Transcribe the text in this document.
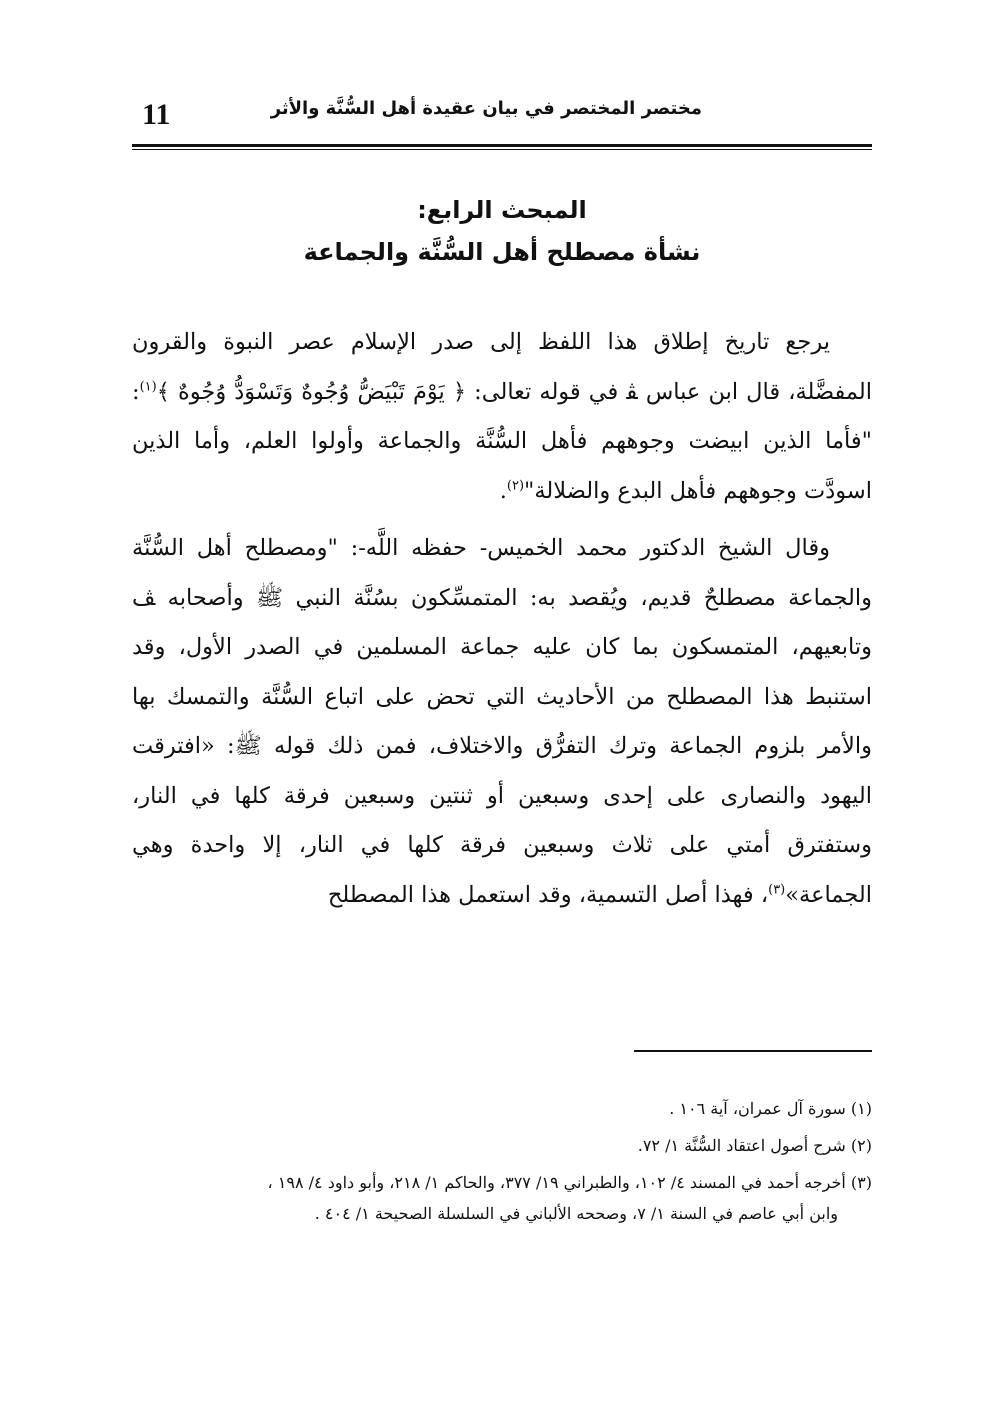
11	مختصر المختصر في بيان عقيدة أهل السُّنَّة والأثر
المبحث الرابع:
نشأة مصطلح أهل السُّنَّة والجماعة

يرجع تاريخ إطلاق هذا اللفظ إلى صدر الإسلام عصر النبوة والقرون المفضَّلة، قال ابن عباس ﭭ في قوله تعالى: ﴿ يَوْمَ تَبْيَضُّ وُجُوهٌ وَتَسْوَدُّ وُجُوهٌ ﴾$^{(١)}$: "فأما الذين ابيضت وجوههم فأهل السُّنَّة والجماعة وأولوا العلم، وأما الذين اسودَّت وجوههم فأهل البدع والضلالة"$^{(٢)}$.

وقال الشيخ الدكتور محمد الخميس- حفظه اللَّه-: "ومصطلح أهل السُّنَّة والجماعة مصطلحٌ قديم، ويُقصد به: المتمسِّكون بسُنَّة النبي ﷺ وأصحابه ﭫ وتابعيهم، المتمسكون بما كان عليه جماعة المسلمين في الصدر الأول، وقد استنبط هذا المصطلح من الأحاديث التي تحض على اتباع السُّنَّة والتمسك بها والأمر بلزوم الجماعة وترك التفرُّق والاختلاف، فمن ذلك قوله ﷺ: «افترقت اليهود والنصارى على إحدى وسبعين أو ثنتين وسبعين فرقة كلها في النار، وستفترق أمتي على ثلاث وسبعين فرقة كلها في النار، إلا واحدة وهي الجماعة»$^{(٣)}$، فهذا أصل التسمية، وقد استعمل هذا المصطلح

(١) سورة آل عمران، آية ١٠٦ .

(٢) شرح أصول اعتقاد السُّنَّة ١/ ٧٢.

(٣) أخرجه أحمد في المسند ٤/ ١٠٢، والطبراني ١٩/ ٣٧٧، والحاكم ١/ ٢١٨، وأبو داود ٤/ ١٩٨ ،
وابن أبي عاصم في السنة ١/ ٧، وصححه الألباني في السلسلة الصحيحة ١/ ٤٠٤ .
